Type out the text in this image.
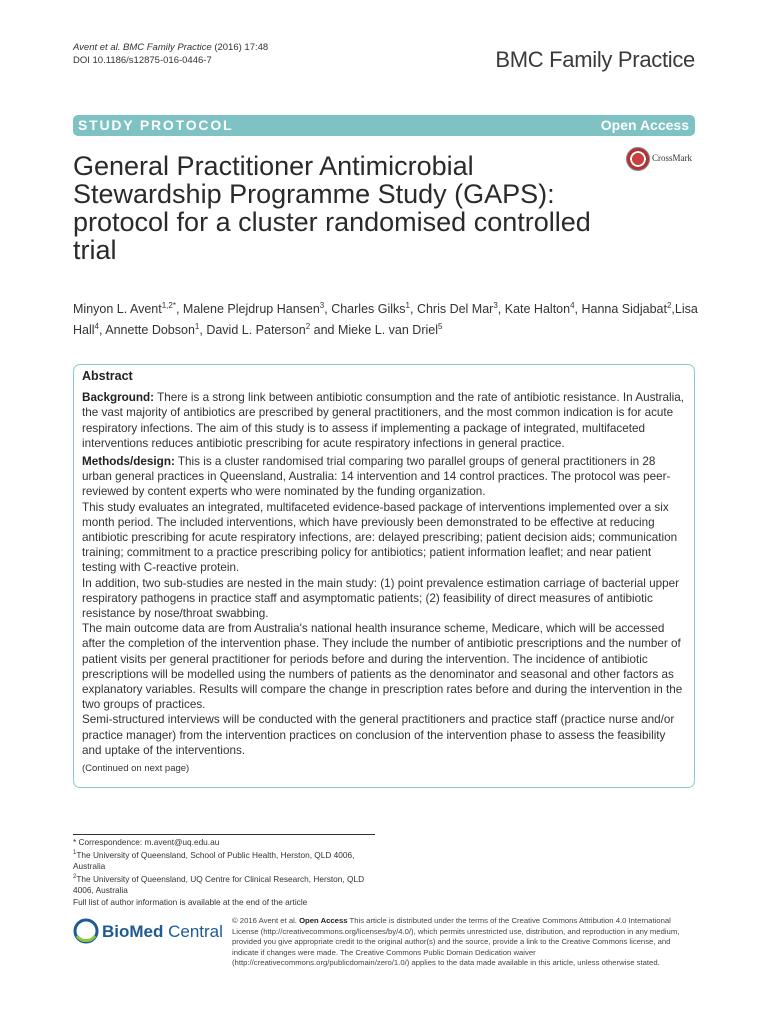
Avent et al. BMC Family Practice (2016) 17:48
DOI 10.1186/s12875-016-0446-7	BMC Family Practice
STUDY PROTOCOL	Open Access
CrossMark
General Practitioner Antimicrobial Stewardship Programme Study (GAPS): protocol for a cluster randomised controlled trial
Minyon L. Avent$^{1,2*}$, Malene Plejdrup Hansen$^3$, Charles Gilks$^1$, Chris Del Mar$^3$, Kate Halton$^4$, Hanna Sidjabat$^2$,Lisa Hall$^4$, Annette Dobson$^1$, David L. Paterson$^2$ and Mieke L. van Driel$^5$
Abstract

Background: There is a strong link between antibiotic consumption and the rate of antibiotic resistance. In Australia, the vast majority of antibiotics are prescribed by general practitioners, and the most common indication is for acute respiratory infections. The aim of this study is to assess if implementing a package of integrated, multifaceted interventions reduces antibiotic prescribing for acute respiratory infections in general practice.

Methods/design: This is a cluster randomised trial comparing two parallel groups of general practitioners in 28 urban general practices in Queensland, Australia: 14 intervention and 14 control practices. The protocol was peer-reviewed by content experts who were nominated by the funding organization.

This study evaluates an integrated, multifaceted evidence-based package of interventions implemented over a six month period. The included interventions, which have previously been demonstrated to be effective at reducing antibiotic prescribing for acute respiratory infections, are: delayed prescribing; patient decision aids; communication training; commitment to a practice prescribing policy for antibiotics; patient information leaflet; and near patient testing with C-reactive protein.

In addition, two sub-studies are nested in the main study: (1) point prevalence estimation carriage of bacterial upper respiratory pathogens in practice staff and asymptomatic patients; (2) feasibility of direct measures of antibiotic resistance by nose/throat swabbing.

The main outcome data are from Australia's national health insurance scheme, Medicare, which will be accessed after the completion of the intervention phase. They include the number of antibiotic prescriptions and the number of patient visits per general practitioner for periods before and during the intervention. The incidence of antibiotic prescriptions will be modelled using the numbers of patients as the denominator and seasonal and other factors as explanatory variables. Results will compare the change in prescription rates before and during the intervention in the two groups of practices.

Semi-structured interviews will be conducted with the general practitioners and practice staff (practice nurse and/or practice manager) from the intervention practices on conclusion of the intervention phase to assess the feasibility and uptake of the interventions.

(Continued on next page)
* Correspondence: m.avent@uq.edu.au
$^1$The University of Queensland, School of Public Health, Herston, QLD 4006, Australia
$^2$The University of Queensland, UQ Centre for Clinical Research, Herston, QLD 4006, Australia
Full list of author information is available at the end of the article
BioMed Central
© 2016 Avent et al. Open Access This article is distributed under the terms of the Creative Commons Attribution 4.0 International License (http://creativecommons.org/licenses/by/4.0/), which permits unrestricted use, distribution, and reproduction in any medium, provided you give appropriate credit to the original author(s) and the source, provide a link to the Creative Commons license, and indicate if changes were made. The Creative Commons Public Domain Dedication waiver (http://creativecommons.org/publicdomain/zero/1.0/) applies to the data made available in this article, unless otherwise stated.
